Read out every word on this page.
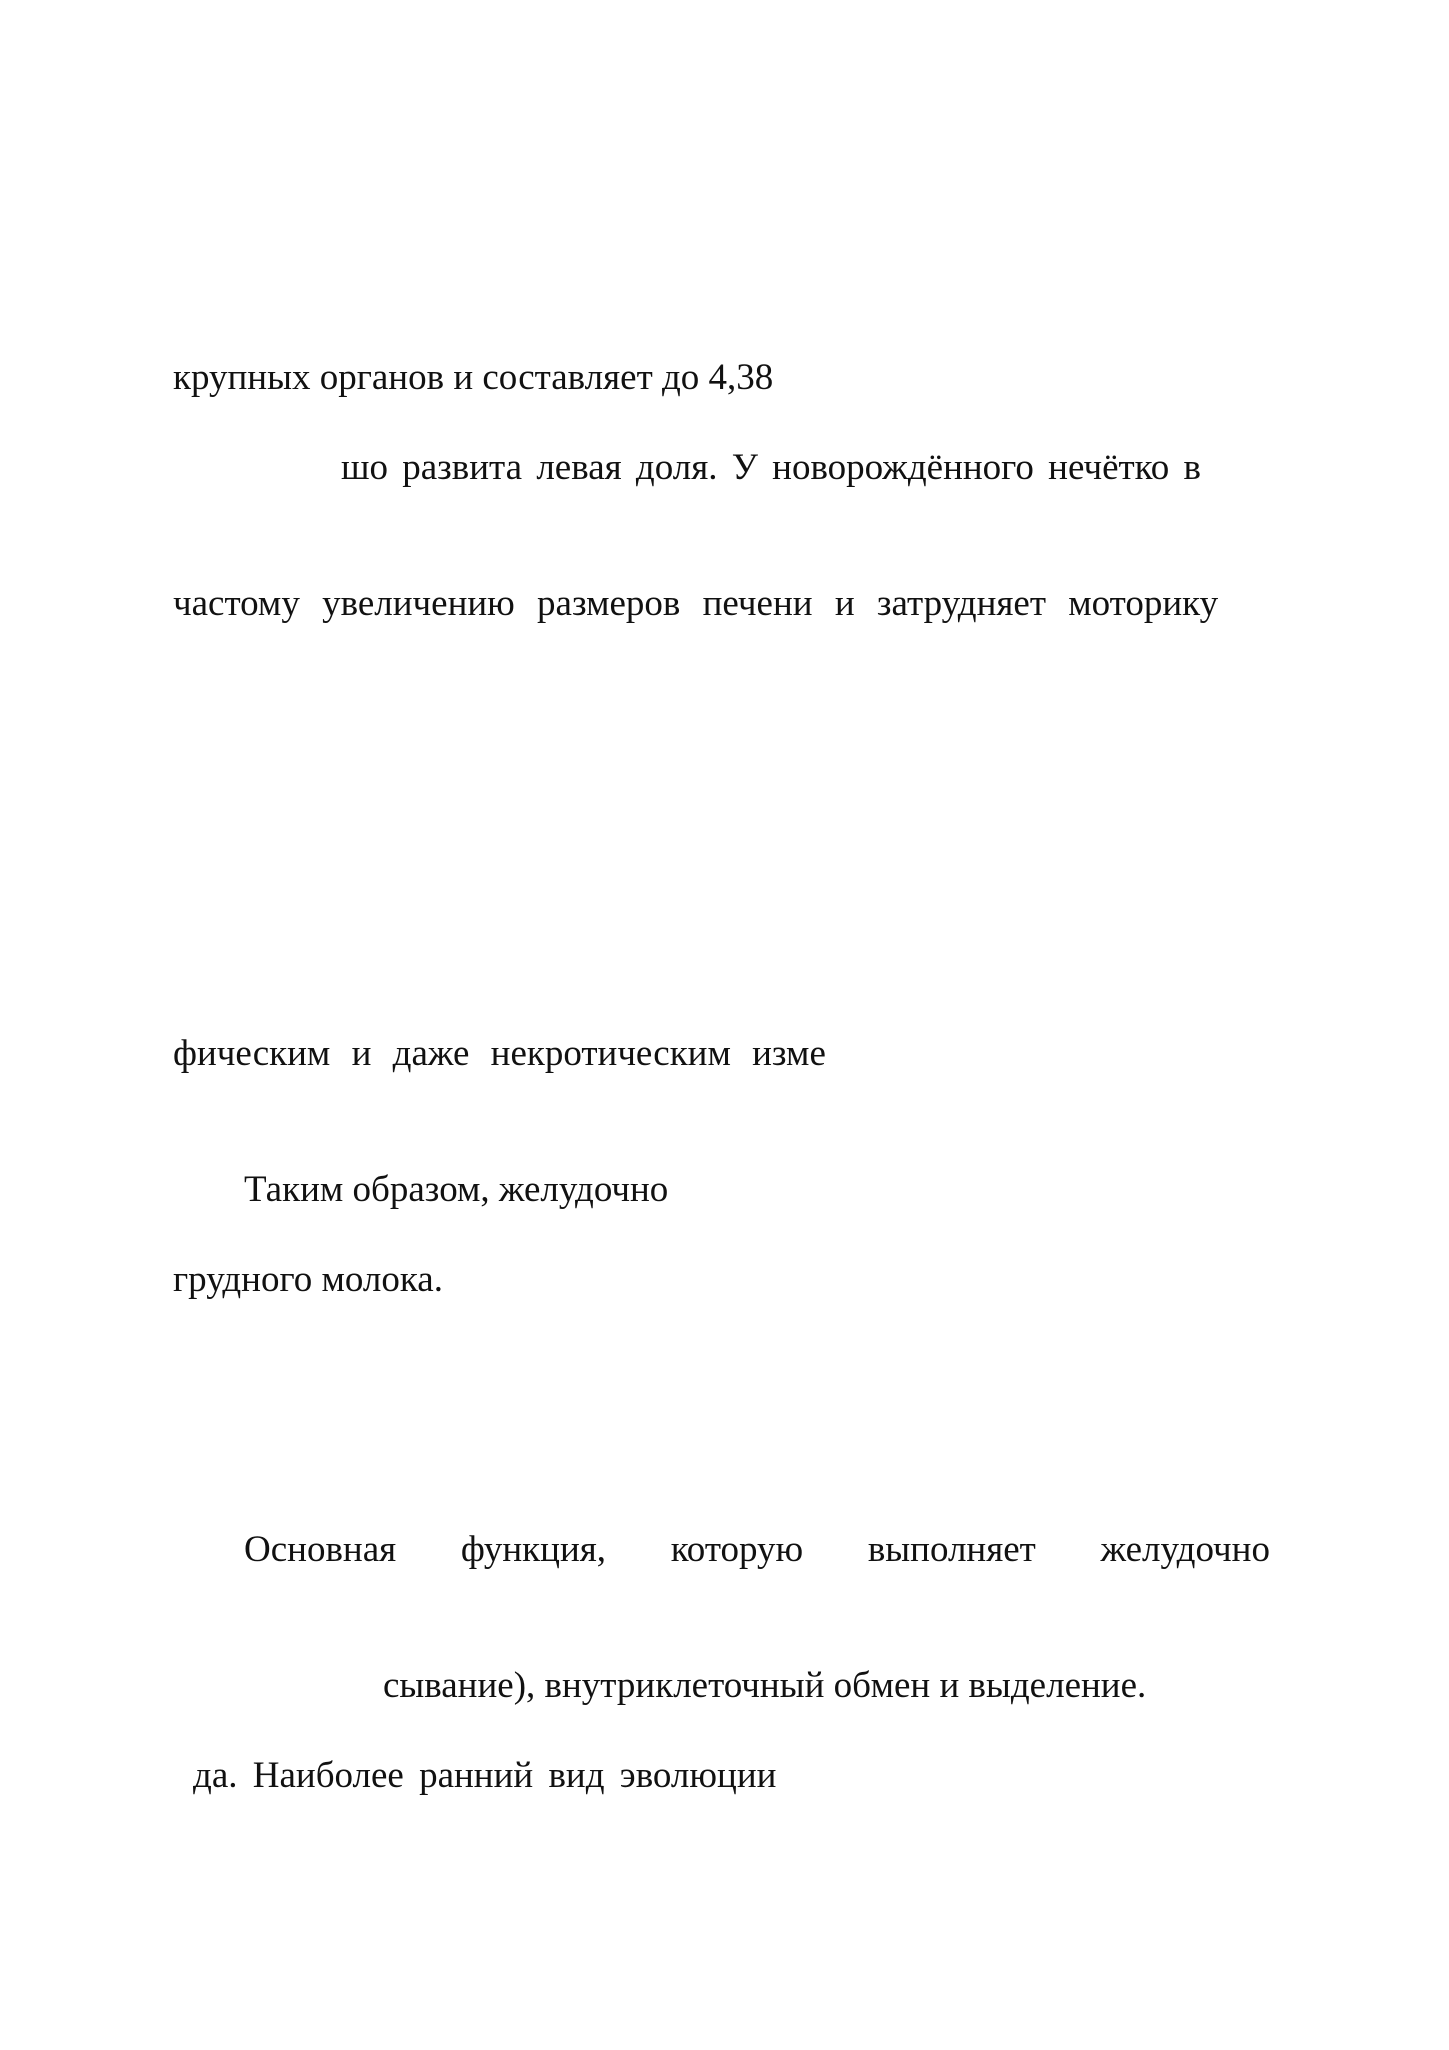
крупных органов и составляет до 4,38
шо развита левая доля. У новорождённого нечётко в
частому увеличению размеров печени и затрудняет моторику
фическим и даже некротическим изме
Таким образом, желудочно
грудного молока.
Основная функция, которую выполняет желудочно
сывание), внутриклеточный обмен и выделение.
да. Наиболее ранний вид эволюции
